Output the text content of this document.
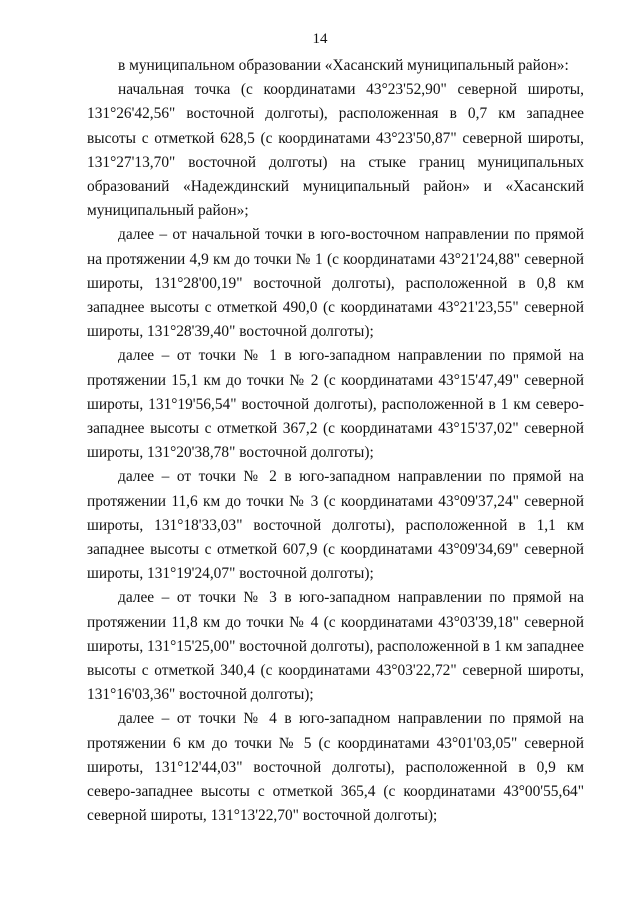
14

в муниципальном образовании «Хасанский муниципальный район»:

начальная точка (с координатами 43°23'52,90" северной широты, 131°26'42,56" восточной долготы), расположенная в 0,7 км западнее высоты с отметкой 628,5 (с координатами 43°23'50,87" северной широты, 131°27'13,70" восточной долготы) на стыке границ муниципальных образований «Надеждинский муниципальный район» и «Хасанский муниципальный район»;

далее – от начальной точки в юго-восточном направлении по прямой на протяжении 4,9 км до точки № 1 (с координатами 43°21'24,88" северной широты, 131°28'00,19" восточной долготы), расположенной в 0,8 км западнее высоты с отметкой 490,0 (с координатами 43°21'23,55" северной широты, 131°28'39,40" восточной долготы);

далее – от точки № 1 в юго-западном направлении по прямой на протяжении 15,1 км до точки № 2 (с координатами 43°15'47,49" северной широты, 131°19'56,54" восточной долготы), расположенной в 1 км северо-западнее высоты с отметкой 367,2 (с координатами 43°15'37,02" северной широты, 131°20'38,78" восточной долготы);

далее – от точки № 2 в юго-западном направлении по прямой на протяжении 11,6 км до точки № 3 (с координатами 43°09'37,24" северной широты, 131°18'33,03" восточной долготы), расположенной в 1,1 км западнее высоты с отметкой 607,9 (с координатами 43°09'34,69" северной широты, 131°19'24,07" восточной долготы);

далее – от точки № 3 в юго-западном направлении по прямой на протяжении 11,8 км до точки № 4 (с координатами 43°03'39,18" северной широты, 131°15'25,00" восточной долготы), расположенной в 1 км западнее высоты с отметкой 340,4 (с координатами 43°03'22,72" северной широты, 131°16'03,36" восточной долготы);

далее – от точки № 4 в юго-западном направлении по прямой на протяжении 6 км до точки № 5 (с координатами 43°01'03,05" северной широты, 131°12'44,03" восточной долготы), расположенной в 0,9 км северо-западнее высоты с отметкой 365,4 (с координатами 43°00'55,64" северной широты, 131°13'22,70" восточной долготы);
